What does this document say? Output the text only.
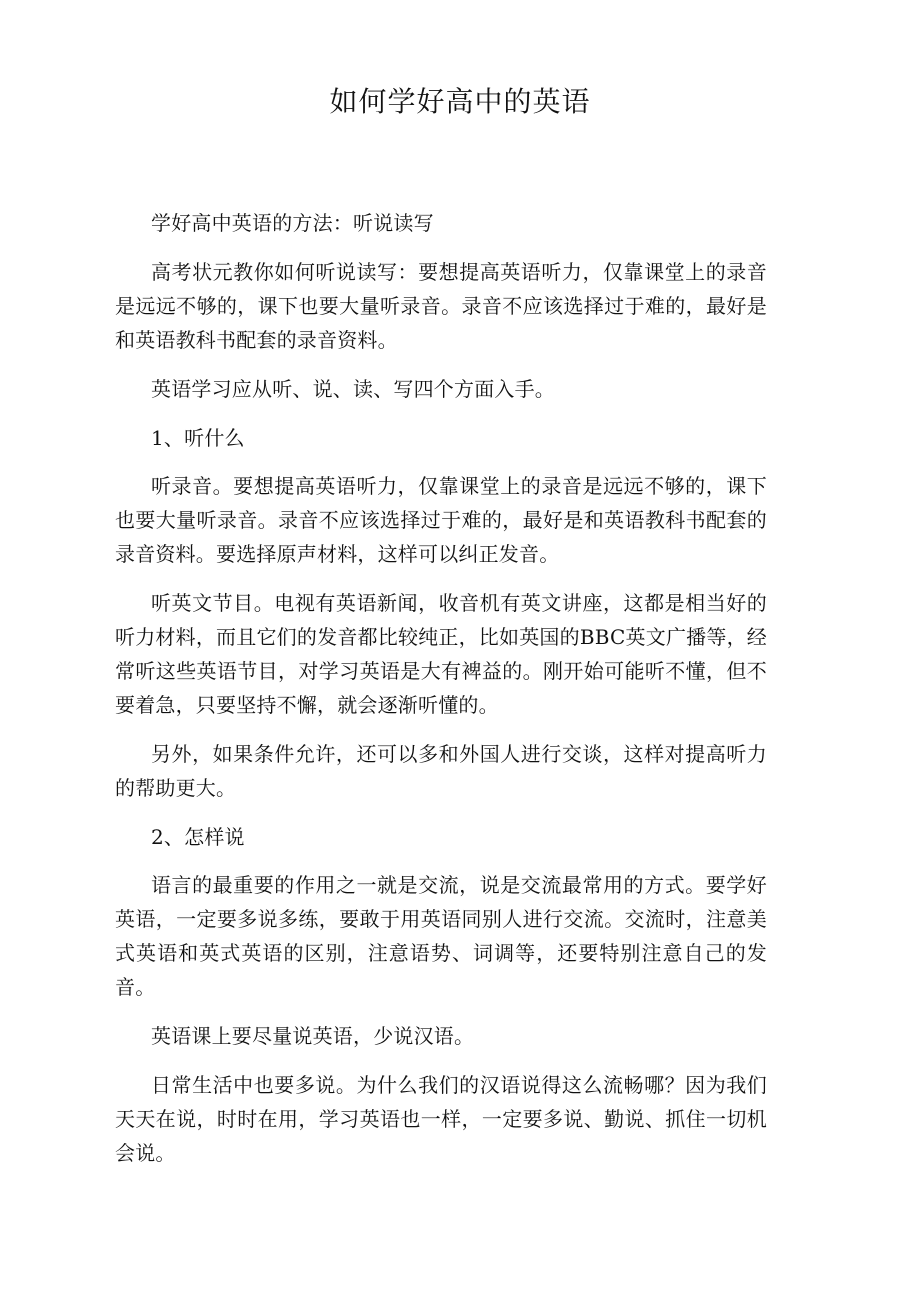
如何学好高中的英语

学好高中英语的方法：听说读写

高考状元教你如何听说读写：要想提高英语听力，仅靠课堂上的录音是远远不够的，课下也要大量听录音。录音不应该选择过于难的，最好是和英语教科书配套的录音资料。

英语学习应从听、说、读、写四个方面入手。

1、听什么

听录音。要想提高英语听力，仅靠课堂上的录音是远远不够的，课下也要大量听录音。录音不应该选择过于难的，最好是和英语教科书配套的录音资料。要选择原声材料，这样可以纠正发音。

听英文节目。电视有英语新闻，收音机有英文讲座，这都是相当好的听力材料，而且它们的发音都比较纯正，比如英国的BBC英文广播等，经常听这些英语节目，对学习英语是大有裨益的。刚开始可能听不懂，但不要着急，只要坚持不懈，就会逐渐听懂的。

另外，如果条件允许，还可以多和外国人进行交谈，这样对提高听力的帮助更大。

2、怎样说

语言的最重要的作用之一就是交流，说是交流最常用的方式。要学好英语，一定要多说多练，要敢于用英语同别人进行交流。交流时，注意美式英语和英式英语的区别，注意语势、词调等，还要特别注意自己的发音。

英语课上要尽量说英语，少说汉语。

日常生活中也要多说。为什么我们的汉语说得这么流畅哪？因为我们天天在说，时时在用，学习英语也一样，一定要多说、勤说、抓住一切机会说。
